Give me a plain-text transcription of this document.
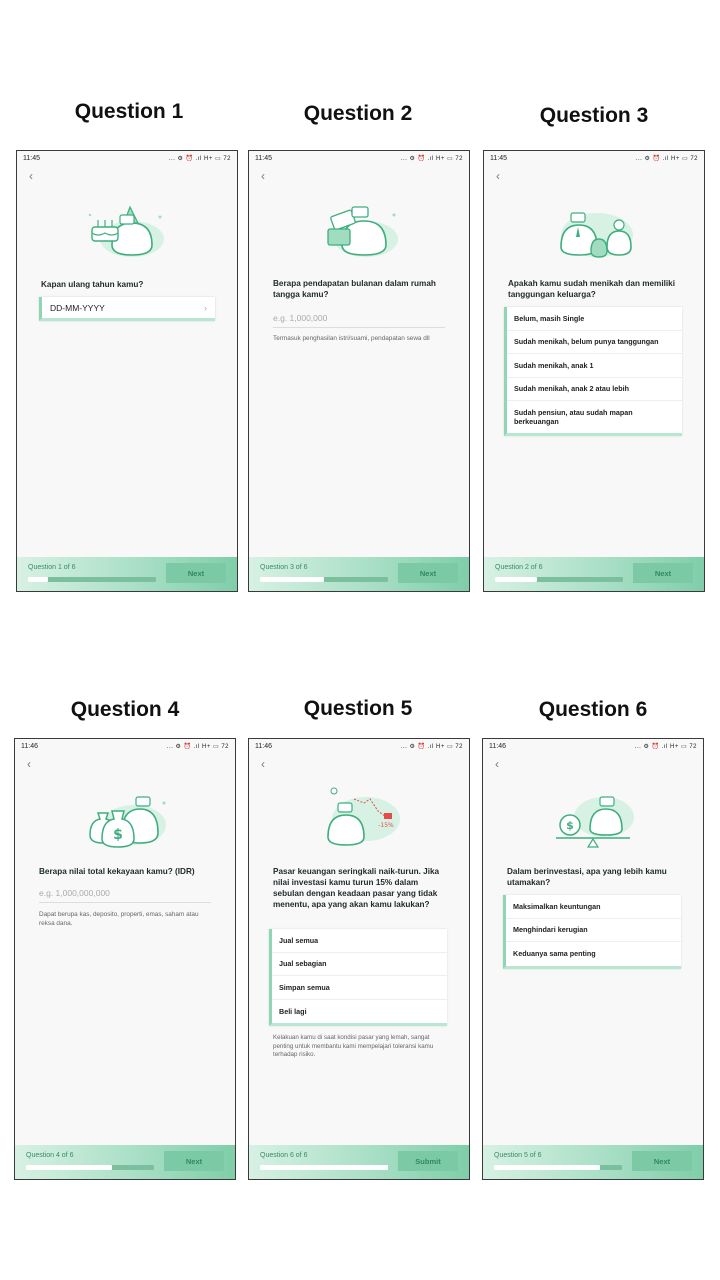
Question 1	Question 2	Question 3
11:45	... ⚙ ⏰ .ıl H+ ▭ 72
‹
Kapan ulang tahun kamu?
DD-MM-YYYY	›
Question 1 of 6
Next
11:45	... ⚙ ⏰ .ıl H+ ▭ 72
‹
Berapa pendapatan bulanan dalam rumah tangga kamu?
e.g. 1,000,000
Termasuk penghasilan istri/suami, pendapatan sewa dll
Question 3 of 6
Next
11:45	... ⚙ ⏰ .ıl H+ ▭ 72
‹
Apakah kamu sudah menikah dan memiliki tanggungan keluarga?
Belum, masih Single
Sudah menikah, belum punya tanggungan
Sudah menikah, anak 1
Sudah menikah, anak 2 atau lebih
Sudah pensiun, atau sudah mapan berkeuangan
Question 2 of 6
Next
Question 4	Question 5	Question 6
11:46	... ⚙ ⏰ .ıl H+ ▭ 72
‹
$
Berapa nilai total kekayaan kamu? (IDR)
e.g. 1,000,000,000
Dapat berupa kas, deposito, properti, emas, saham atau reksa dana.
Question 4 of 6
Next
11:46	... ⚙ ⏰ .ıl H+ ▭ 72
‹
-15%
Pasar keuangan seringkali naik-turun. Jika nilai investasi kamu turun 15% dalam sebulan dengan keadaan pasar yang tidak menentu, apa yang akan kamu lakukan?
Jual semua
Jual sebagian
Simpan semua
Beli lagi
Kelakuan kamu di saat kondisi pasar yang lemah, sangat penting untuk membantu kami mempelajari toleransi kamu terhadap risiko.
Question 6 of 6
Submit
11:46	... ⚙ ⏰ .ıl H+ ▭ 72
‹
$
Dalam berinvestasi, apa yang lebih kamu utamakan?
Maksimalkan keuntungan
Menghindari kerugian
Keduanya sama penting
Question 5 of 6
Next
